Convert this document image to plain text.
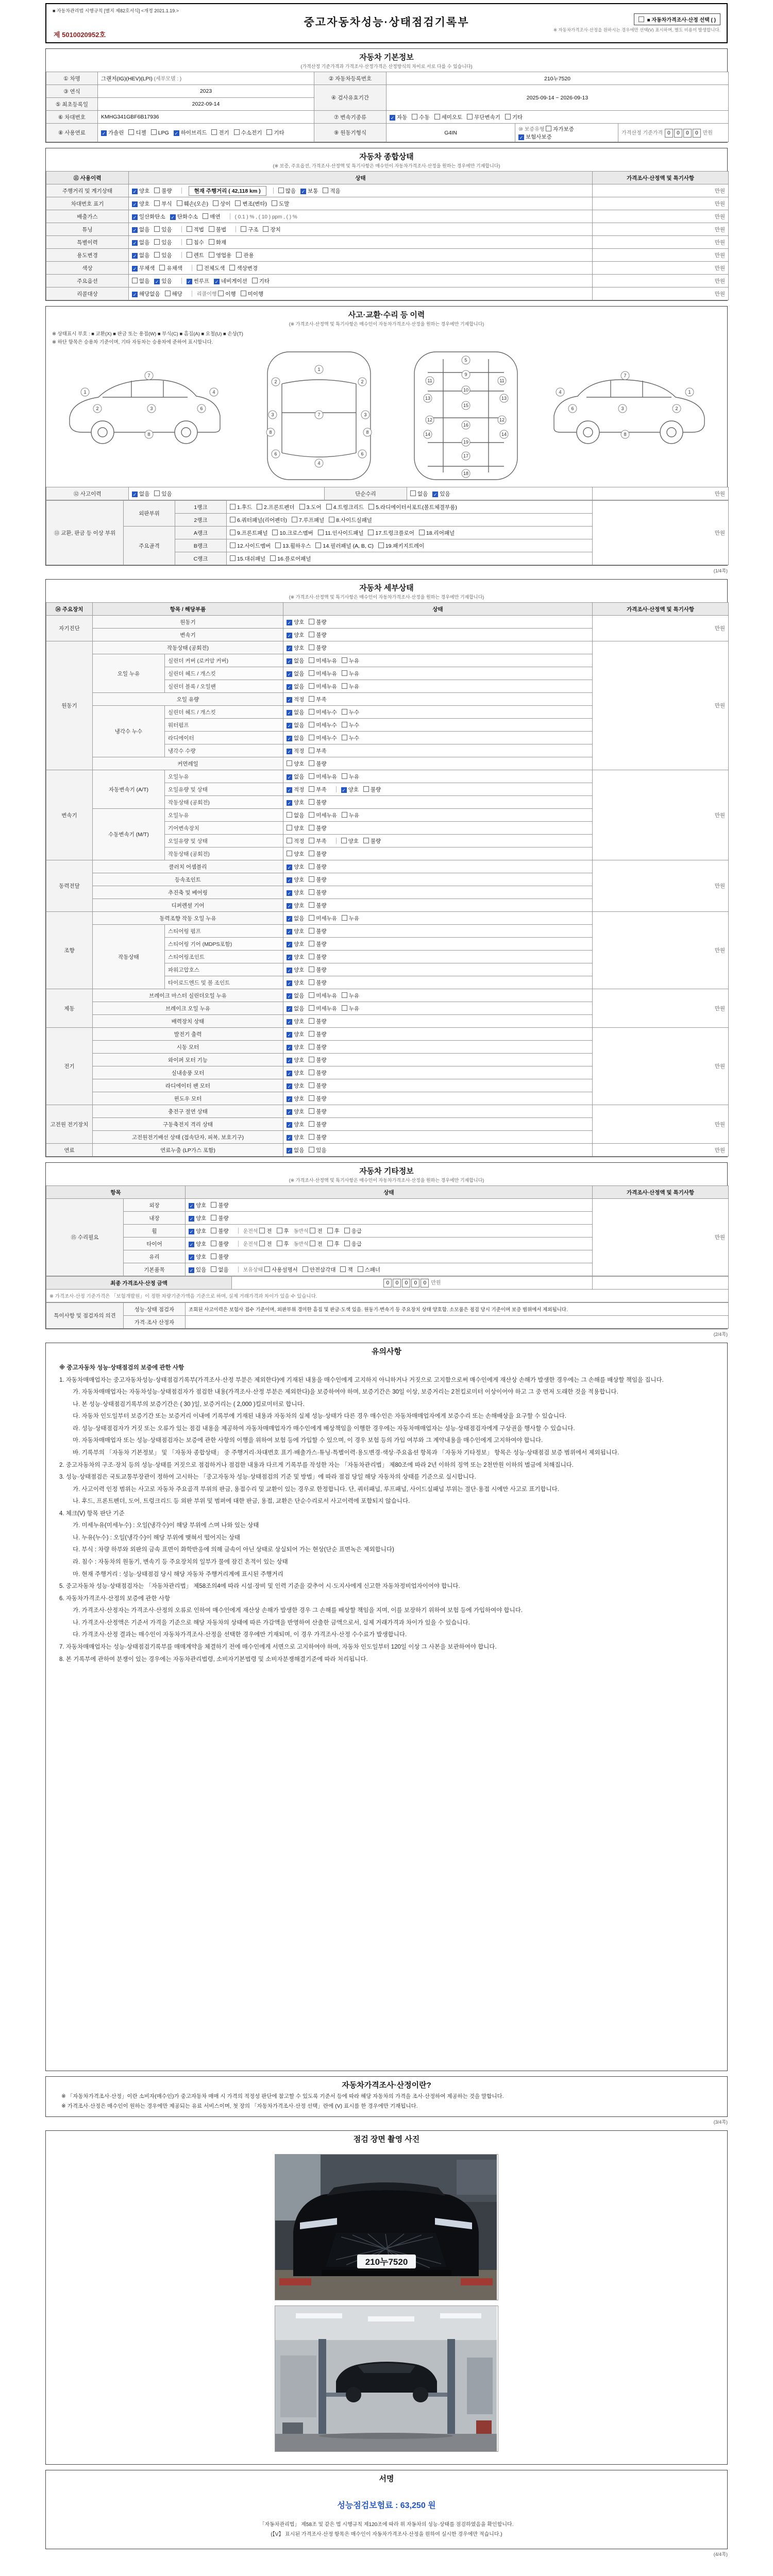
■ 자동차관리법 시행규칙 [별지 제82호서식] <개정 2021.1.19.>
중고자동차성능·상태점검기록부	■ 자동차가격조사·산정 선택 ( )
※ 자동차가격조사·산정을 원하시는 경우에만 선택(V) 표시하며, 별도 비용이 발생합니다.
제 5010020952호
자동차 기본정보
(가격산정 기준가격과 가격조사·산정가격은 산정방식의 차이로 서로 다를 수 있습니다)
① 차명	그랜저(IG)(HEV)(LPI) (세부모델 : )	② 자동차등록번호	210누7520		
③ 연식	2023	④ 검사유효기간	2025-09-14 ~ 2026-09-13		
⑤ 최초등록일	2022-09-14				
⑥ 차대번호	KMHG341GBF6B17936	⑦ 변속기종류	✓ 자동 수동 세미오토 무단변속기 기타		
⑧ 사용연료	✓ 가솔린 디젤 LPG ✓ 하이브리드 전기 수소전기 기타	⑨ 원동기형식	G4IN	⑩ 보증유형 자가보증✓ 보험사보증	가격산정 기준가격 0 0 0 0 만원
자동차 종합상태
(※ 보증, 주요옵션, 가격조사·산정액 및 특기사항은 매수인이 자동차가격조사·산정을 원하는 경우에만 기재합니다)
⑪ 사용이력	상태	가격조사·산정액 및 특기사항
주행거리 및 계기상태	✓ 양호 불량 현재 주행거리 ( 42,118 km ) 많음 ✓ 보통 적음	만원
차대번호 표기	✓ 양호 부식 훼손(오손) 상이 변조(변타) 도말	만원
배출가스	✓ 일산화탄소 ✓ 탄화수소 매연 ( 0.1 ) % , ( 10 ) ppm , ( ) %	만원
튜닝	✓ 없음 있음 적법 불법 구조 장치	만원
특별이력	✓ 없음 있음 침수 화재	만원
용도변경	✓ 없음 있음 렌트 영업용 관용	만원
색상	✓ 무채색 유채색 전체도색 색상변경	만원
주요옵션	없음 ✓ 있음 ✓ 썬루프 ✓ 네비게이션 기타	만원
리콜대상	✓ 해당없음 해당 리콜이행 이행 미이행	만원
사고·교환·수리 등 이력
(※ 가격조사·산정액 및 특기사항은 매수인이 자동차가격조사·산정을 원하는 경우에만 기재합니다)
※ 상태표시 부호 : ■ 교환(X) ■ 판금 또는 용접(W) ■ 부식(C) ■ 흠집(A) ■ 요철(U) ■ 손상(T)
※ 하단 항목은 승용차 기준이며, 기타 자동차는 승용차에 준하여 표시합니다.
1
2	3	6
7
8
4
1
7
4
2	2
3	3
6	6
8	8
5
9
10
11	11
15
12	12
13	13
14	14
16
19
17
18
1
2
3
6
7
8
4
⑫ 사고이력	✓ 없음 있음	단순수리	없음 ✓ 있음	만원
⑬ 교환, 판금 등 이상 부위	외판부위	1랭크	1.후드 2.프론트펜더 3.도어 4.트렁크리드 5.라디에이터서포트(볼트체결부품)	만원
		2랭크	6.쿼터패널(리어펜더) 7.루프패널 8.사이드실패널	
	주요골격	A랭크	9.프론트패널 10.크로스멤버 11.인사이드패널 17.트렁크플로어 18.리어패널	
		B랭크	12.사이드멤버 13.휠하우스 14.필러패널 (A, B, C) 19.패키지트레이	
		C랭크	15.대쉬패널 16.플로어패널	
(1/4쪽)
자동차 세부상태
(※ 가격조사·산정액 및 특기사항은 매수인이 자동차가격조사·산정을 원하는 경우에만 기재합니다)
⑭ 주요장치	항목 / 해당부품		상태	가격조사·산정액 및 특기사항
자기진단	원동기		✓ 양호 불량	만원
	변속기		✓ 양호 불량	
원동기	작동상태 (공회전)		✓ 양호 불량	만원
	오일 누유	실린더 커버 (로커암 커버)	✓ 없음 미세누유 누유	
		실린더 헤드 / 개스킷	✓ 없음 미세누유 누유	
		실린더 블록 / 오일팬	✓ 없음 미세누유 누유	
	오일 유량		✓ 적정 부족	
	냉각수 누수	실린더 헤드 / 개스킷	✓ 없음 미세누수 누수	
		워터펌프	✓ 없음 미세누수 누수	
		라디에이터	✓ 없음 미세누수 누수	
		냉각수 수량	✓ 적정 부족	
	커먼레일		양호 불량	
변속기	자동변속기 (A/T)	오일누유	✓ 없음 미세누유 누유	만원
		오일유량 및 상태	✓ 적정 부족 ✓ 양호 불량	
		작동상태 (공회전)	✓ 양호 불량	
	수동변속기 (M/T)	오일누유	없음 미세누유 누유	
		기어변속장치	양호 불량	
		오일유량 및 상태	적정 부족 양호 불량	
		작동상태 (공회전)	양호 불량	
동력전달	클러치 어셈블리		✓ 양호 불량	만원
	등속조인트		✓ 양호 불량	
	추진축 및 베어링		✓ 양호 불량	
	디퍼렌셜 기어		✓ 양호 불량	
조향	동력조향 작동 오일 누유		✓ 없음 미세누유 누유	만원
	작동상태	스티어링 펌프	✓ 양호 불량	
		스티어링 기어 (MDPS포함)	✓ 양호 불량	
		스티어링조인트	✓ 양호 불량	
		파워고압호스	✓ 양호 불량	
		타이로드엔드 및 볼 조인트	✓ 양호 불량	
제동	브레이크 마스터 실린더오일 누유		✓ 없음 미세누유 누유	만원
	브레이크 오일 누유		✓ 없음 미세누유 누유	
	배력장치 상태		✓ 양호 불량	
전기	발전기 출력		✓ 양호 불량	만원
	시동 모터		✓ 양호 불량	
	와이퍼 모터 기능		✓ 양호 불량	
	실내송풍 모터		✓ 양호 불량	
	라디에이터 팬 모터		✓ 양호 불량	
	윈도우 모터		✓ 양호 불량	
고전원 전기장치	충전구 절연 상태		✓ 양호 불량	만원
	구동축전지 격리 상태		✓ 양호 불량	
	고전원전기배선 상태 (접속단자, 피복, 보호기구)		✓ 양호 불량	
연료	연료누출 (LP가스 포함)		✓ 없음 있음	만원
자동차 기타정보
(※ 가격조사·산정액 및 특기사항은 매수인이 자동차가격조사·산정을 원하는 경우에만 기재합니다)
항목		상태	가격조사·산정액 및 특기사항
⑮ 수리필요	외장	✓ 양호 불량	만원
	내장	✓ 양호 불량	
	휠	✓ 양호 불량 운전석 전 후 동반석 전 후 응급	
	타이어	✓ 양호 불량 운전석 전 후 동반석 전 후 응급	
	유리	✓ 양호 불량	
	기본품목	✓ 있음 없음 보유상태 사용설명서 안전삼각대 잭 스패너	
최종 가격조사·산정 금액	0 0 0 0 0 만원	
※ 가격조사·산정 기준가격은 「보험개발원」이 정한 차량기준가액을 기준으로 하며, 실제 거래가격과 차이가 있을 수 있습니다.
특이사항 및 점검자의 의견	성능·상태 점검자	조회된 사고이력은 보험사 접수 기준이며, 외판부위 경미한 흠집 및 판금·도색 있음. 원동기·변속기 등 주요장치 상태 양호함. 소모품은 점검 당시 기준이며 보증 범위에서 제외됩니다.
	가격·조사 산정자	
(2/4쪽)
유의사항
※ 중고자동차 성능·상태점검의 보증에 관한 사항
1. 자동차매매업자는 중고자동차성능·상태점검기록부(가격조사·산정 부분은 제외한다)에 기재된 내용을 매수인에게 고지하지 아니하거나 거짓으로 고지함으로써 매수인에게 재산상 손해가 발생한 경우에는 그 손해를 배상할 책임을 집니다.
가. 자동차매매업자는 자동차성능·상태점검자가 점검한 내용(가격조사·산정 부분은 제외한다)을 보증하여야 하며, 보증기간은 30일 이상, 보증거리는 2천킬로미터 이상이어야 하고 그 중 먼저 도래한 것을 적용합니다.
나. 본 성능·상태점검기록부의 보증기간은 ( 30 )일, 보증거리는 ( 2,000 )킬로미터로 합니다.
다. 자동차 인도일부터 보증기간 또는 보증거리 이내에 기록부에 기재된 내용과 자동차의 실제 성능·상태가 다른 경우 매수인은 자동차매매업자에게 보증수리 또는 손해배상을 요구할 수 있습니다.
라. 성능·상태점검자가 거짓 또는 오류가 있는 점검 내용을 제공하여 자동차매매업자가 매수인에게 배상책임을 이행한 경우에는 자동차매매업자는 성능·상태점검자에게 구상권을 행사할 수 있습니다.
마. 자동차매매업자 또는 성능·상태점검자는 보증에 관한 사항의 이행을 위하여 보험 등에 가입할 수 있으며, 이 경우 보험 등의 가입 여부와 그 계약내용을 매수인에게 고지하여야 합니다.
바. 기록부의 「자동차 기본정보」 및 「자동차 종합상태」 중 주행거리·차대번호 표기·배출가스·튜닝·특별이력·용도변경·색상·주요옵션 항목과 「자동차 기타정보」 항목은 성능·상태점검 보증 범위에서 제외됩니다.
2. 중고자동차의 구조·장치 등의 성능·상태를 거짓으로 점검하거나 점검한 내용과 다르게 기록부를 작성한 자는 「자동차관리법」 제80조에 따라 2년 이하의 징역 또는 2천만원 이하의 벌금에 처해집니다.
3. 성능·상태점검은 국토교통부장관이 정하여 고시하는 「중고자동차 성능·상태점검의 기준 및 방법」에 따라 점검 당일 해당 자동차의 상태를 기준으로 실시합니다.
가. 사고이력 인정 범위는 사고로 자동차 주요골격 부위의 판금, 용접수리 및 교환이 있는 경우로 한정합니다. 단, 쿼터패널, 루프패널, 사이드실패널 부위는 절단·용접 시에만 사고로 표기합니다.
나. 후드, 프론트펜더, 도어, 트렁크리드 등 외판 부위 및 범퍼에 대한 판금, 용접, 교환은 단순수리로서 사고이력에 포함되지 않습니다.
4. 체크(V) 항목 판단 기준
가. 미세누유(미세누수) : 오일(냉각수)이 해당 부위에 스며 나와 있는 상태
나. 누유(누수) : 오일(냉각수)이 해당 부위에 맺혀서 떨어지는 상태
다. 부식 : 차량 하부와 외판의 금속 표면이 화학반응에 의해 금속이 아닌 상태로 상실되어 가는 현상(단순 표면녹은 제외합니다)
라. 침수 : 자동차의 원동기, 변속기 등 주요장치의 일부가 물에 잠긴 흔적이 있는 상태
마. 현재 주행거리 : 성능·상태점검 당시 해당 자동차 주행거리계에 표시된 주행거리
5. 중고자동차 성능·상태점검자는 「자동차관리법」 제58조의4에 따라 시설·장비 및 인력 기준을 갖추어 시·도지사에게 신고한 자동차정비업자이어야 합니다.
6. 자동차가격조사·산정의 보증에 관한 사항
가. 가격조사·산정자는 가격조사·산정의 오류로 인하여 매수인에게 재산상 손해가 발생한 경우 그 손해를 배상할 책임을 지며, 이를 보장하기 위하여 보험 등에 가입하여야 합니다.
나. 가격조사·산정액은 기준서 가격을 기준으로 해당 자동차의 상태에 따른 가감액을 반영하여 산출한 금액으로서, 실제 거래가격과 차이가 있을 수 있습니다.
다. 가격조사·산정 결과는 매수인이 자동차가격조사·산정을 선택한 경우에만 기재되며, 이 경우 가격조사·산정 수수료가 발생합니다.
7. 자동차매매업자는 성능·상태점검기록부를 매매계약을 체결하기 전에 매수인에게 서면으로 고지하여야 하며, 자동차 인도일부터 120일 이상 그 사본을 보관하여야 합니다.
8. 본 기록부에 관하여 분쟁이 있는 경우에는 자동차관리법령, 소비자기본법령 및 소비자분쟁해결기준에 따라 처리됩니다.
자동차가격조사·산정이란?
※ 「자동차가격조사·산정」이란 소비자(매수인)가 중고자동차 매매 시 가격의 적정성 판단에 참고할 수 있도록 기준서 등에 따라 해당 자동차의 가격을 조사·산정하여 제공하는 것을 말합니다.
※ 가격조사·산정은 매수인이 원하는 경우에만 제공되는 유료 서비스이며, 첫 장의 「자동차가격조사·산정 선택」란에 (V) 표시를 한 경우에만 기재됩니다.
(3/4쪽)
점검 장면 촬영 사진
210누7520
서명
성능점검보험료 : 63,250 원
「자동차관리법」 제58조 및 같은 법 시행규칙 제120조에 따라 위 자동차의 성능·상태를 점검하였음을 확인합니다.
(【V】 표시된 가격조사·산정 항목은 매수인이 자동차가격조사·산정을 원하여 실시한 경우에만 적습니다.)
(4/4쪽)
